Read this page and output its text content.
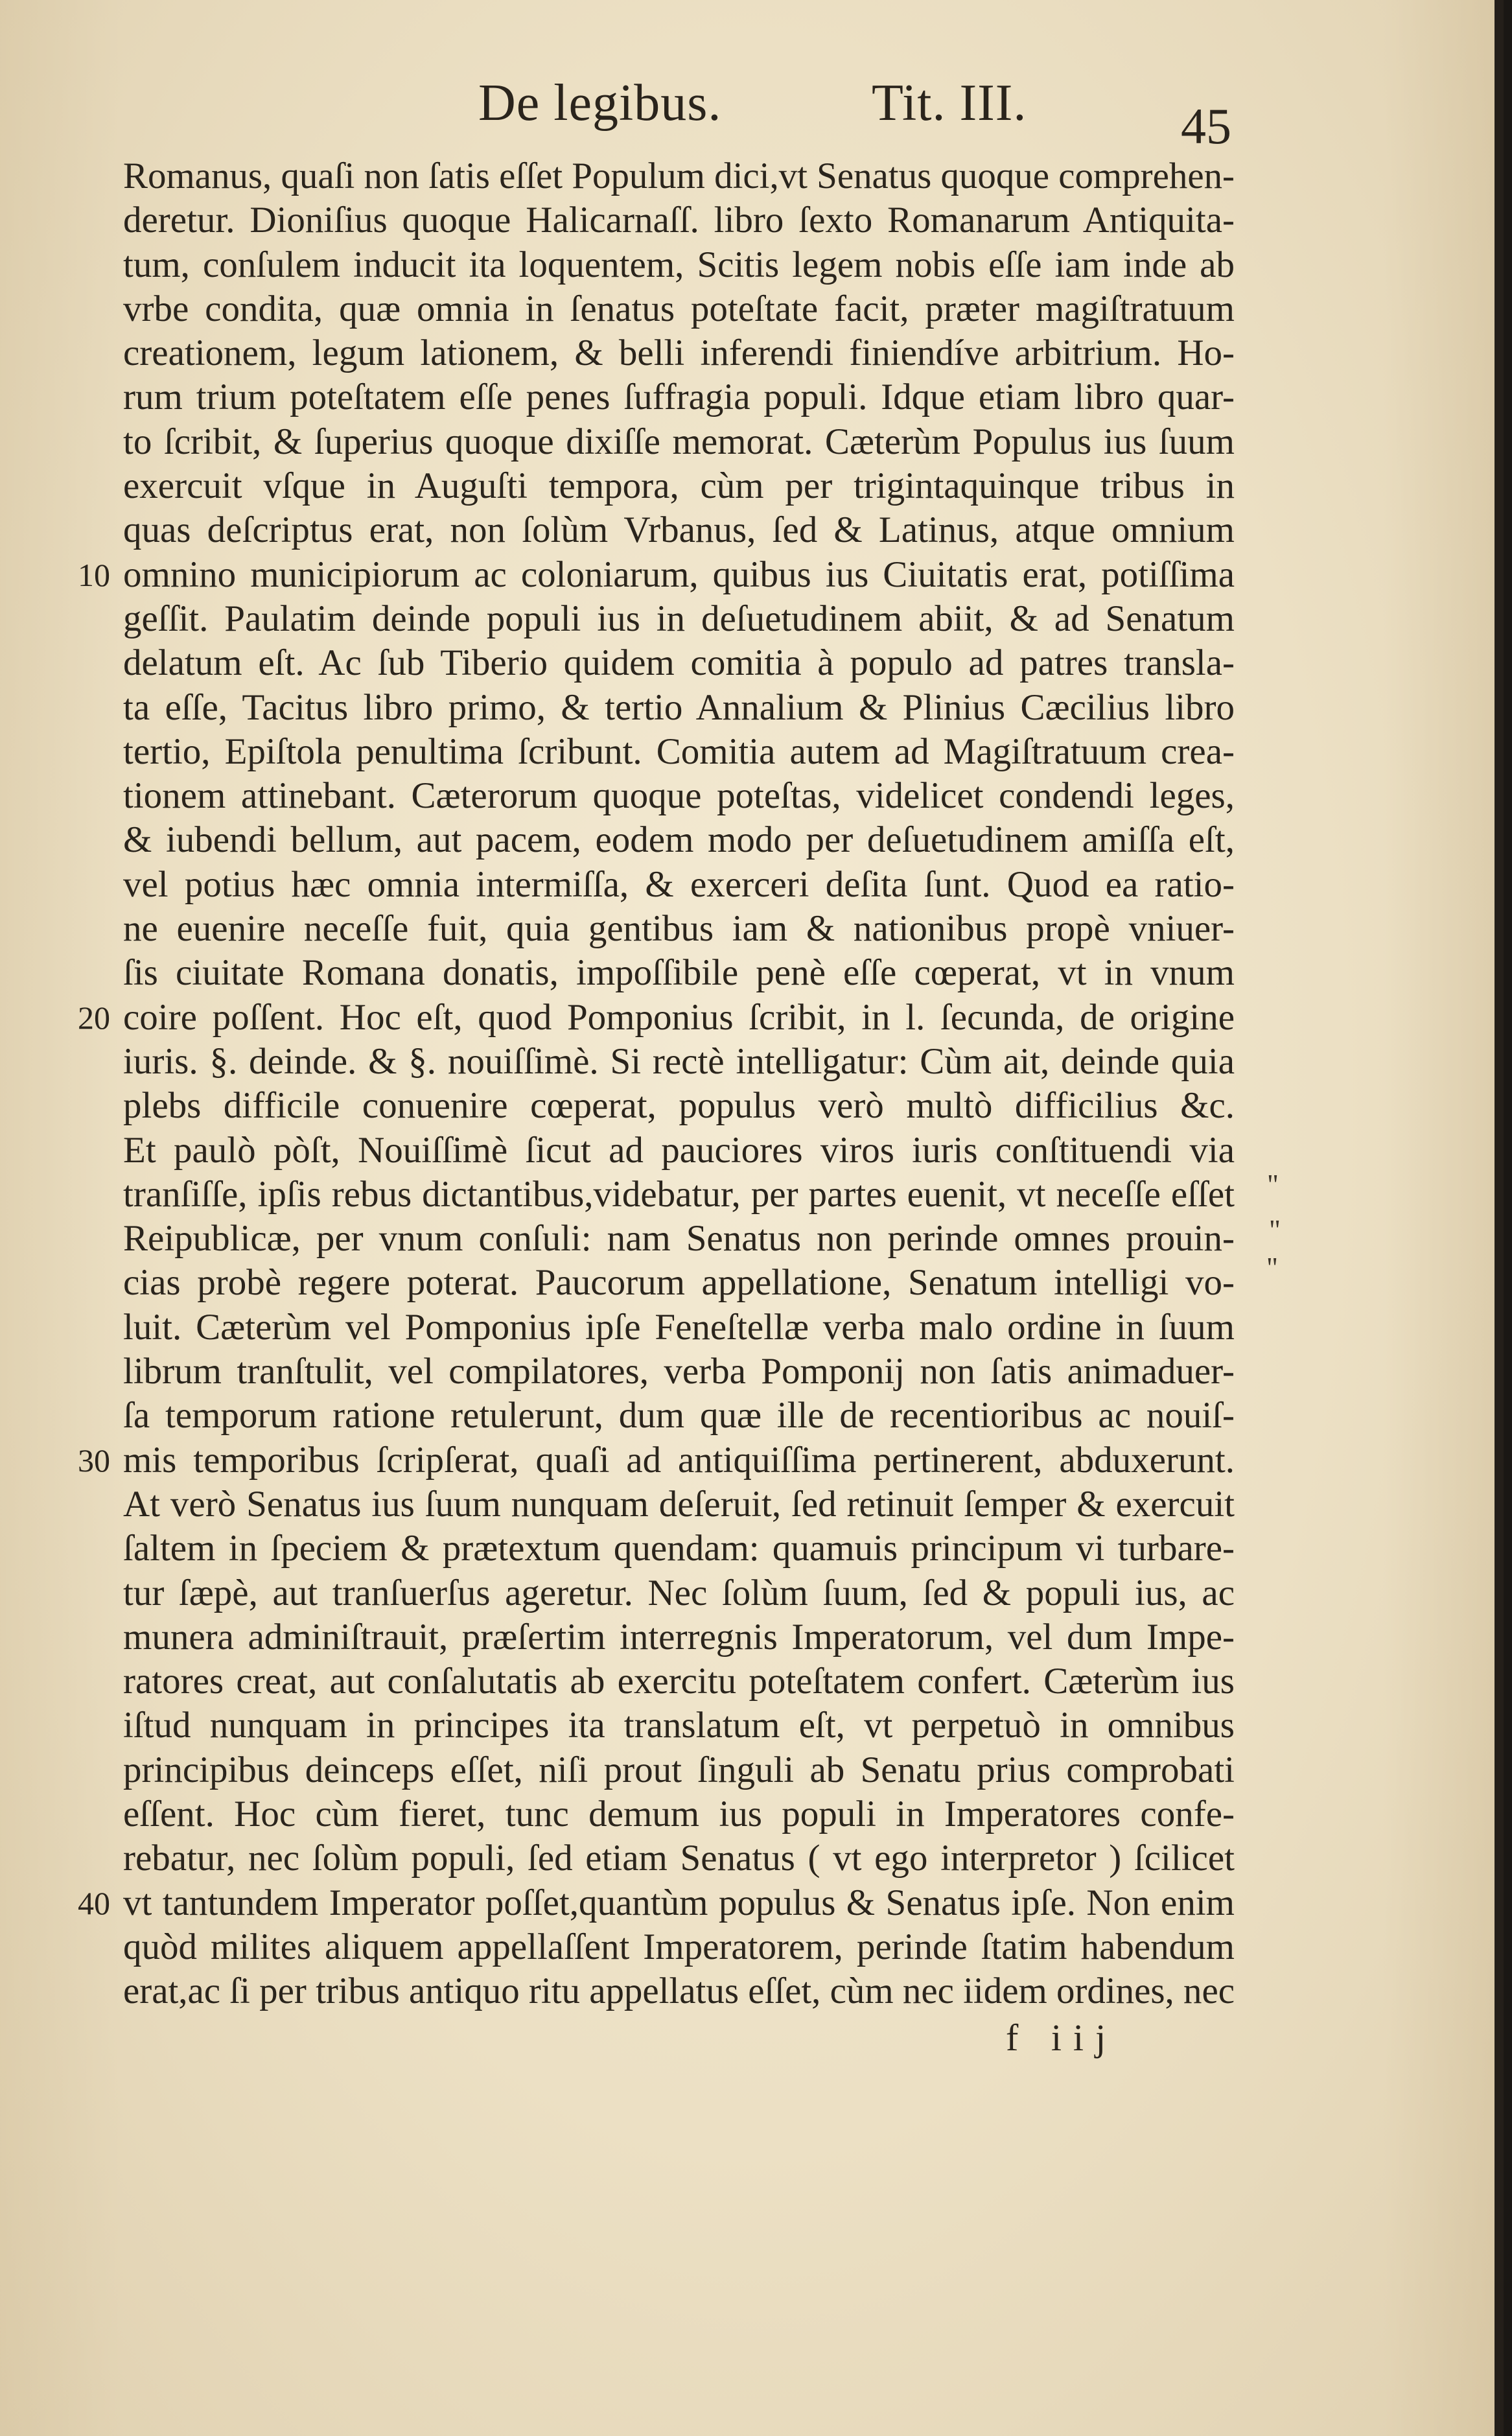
De legibus.	Tit. III.	45
Romanus, quaſi non ſatis eſſet Populum dici,vt Senatus quoque comprehen-
deretur. Dioniſius quoque Halicarnaſſ. libro ſexto Romanarum Antiquita-
tum, conſulem inducit ita loquentem, Scitis legem nobis eſſe iam inde ab
vrbe condita, quæ omnia in ſenatus poteſtate facit, præter magiſtratuum
creationem, legum lationem, & belli inferendi finiendíve arbitrium. Ho-
rum trium poteſtatem eſſe penes ſuffragia populi. Idque etiam libro quar-
to ſcribit, & ſuperius quoque dixiſſe memorat. Cæterùm Populus ius ſuum
exercuit vſque in Auguſti tempora, cùm per trigintaquinque tribus in
quas deſcriptus erat, non ſolùm Vrbanus, ſed & Latinus, atque omnium
10 omnino municipiorum ac coloniarum, quibus ius Ciuitatis erat, potiſſima
geſſit. Paulatim deinde populi ius in deſuetudinem abiit, & ad Senatum
delatum eſt. Ac ſub Tiberio quidem comitia à populo ad patres transla-
ta eſſe, Tacitus libro primo, & tertio Annalium & Plinius Cæcilius libro
tertio, Epiſtola penultima ſcribunt. Comitia autem ad Magiſtratuum crea-
tionem attinebant. Cæterorum quoque poteſtas, videlicet condendi leges,
& iubendi bellum, aut pacem, eodem modo per deſuetudinem amiſſa eſt,
vel potius hæc omnia intermiſſa, & exerceri deſita ſunt. Quod ea ratio-
ne euenire neceſſe fuit, quia gentibus iam & nationibus propè vniuer-
ſis ciuitate Romana donatis, impoſſibile penè eſſe cœperat, vt in vnum
20 coire poſſent. Hoc eſt, quod Pomponius ſcribit, in l. ſecunda, de origine
iuris. §. deinde. & §. nouiſſimè. Si rectè intelligatur: Cùm ait, deinde quia
plebs difficile conuenire cœperat, populus verò multò difficilius &c.
Et paulò pòſt, Nouiſſimè ſicut ad pauciores viros iuris conſtituendi via
tranſiſſe, ipſis rebus dictantibus,videbatur, per partes euenit, vt neceſſe eſſet
Reipublicæ, per vnum conſuli: nam Senatus non perinde omnes prouin-
cias probè regere poterat. Paucorum appellatione, Senatum intelligi vo-
luit. Cæterùm vel Pomponius ipſe Feneſtellæ verba malo ordine in ſuum
librum tranſtulit, vel compilatores, verba Pomponij non ſatis animaduer-
ſa temporum ratione retulerunt, dum quæ ille de recentioribus ac nouiſ-
30 mis temporibus ſcripſerat, quaſi ad antiquiſſima pertinerent, abduxerunt.
At verò Senatus ius ſuum nunquam deſeruit, ſed retinuit ſemper & exercuit
ſaltem in ſpeciem & prætextum quendam: quamuis principum vi turbare-
tur ſæpè, aut tranſuerſus ageretur. Nec ſolùm ſuum, ſed & populi ius, ac
munera adminiſtrauit, præſertim interregnis Imperatorum, vel dum Impe-
ratores creat, aut conſalutatis ab exercitu poteſtatem confert. Cæterùm ius
iſtud nunquam in principes ita translatum eſt, vt perpetuò in omnibus
principibus deinceps eſſet, niſi prout ſinguli ab Senatu prius comprobati
eſſent. Hoc cùm fieret, tunc demum ius populi in Imperatores confe-
rebatur, nec ſolùm populi, ſed etiam Senatus ( vt ego interpretor ) ſcilicet
40 vt tantundem Imperator poſſet,quantùm populus & Senatus ipſe. Non enim
quòd milites aliquem appellaſſent Imperatorem, perinde ſtatim habendum
erat,ac ſi per tribus antiquo ritu appellatus eſſet, cùm nec iidem ordines, nec
"
"
"
f iij
